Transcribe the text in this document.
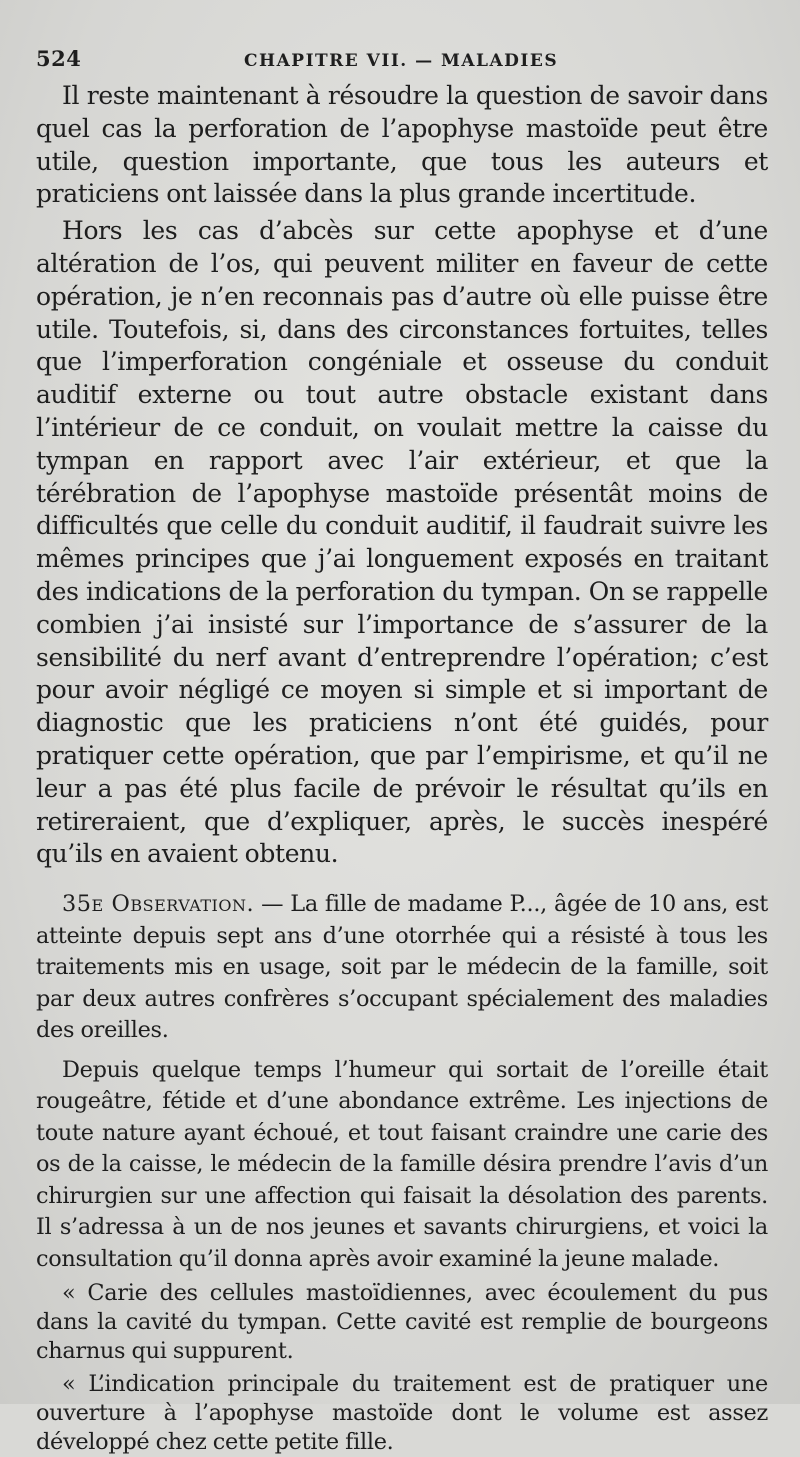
524	CHAPITRE VII. — MALADIES

Il reste maintenant à résoudre la question de savoir dans quel cas la perforation de l’apophyse mastoïde peut être utile, question importante, que tous les auteurs et praticiens ont laissée dans la plus grande incertitude.

Hors les cas d’abcès sur cette apophyse et d’une altération de l’os, qui peuvent militer en faveur de cette opération, je n’en reconnais pas d’autre où elle puisse être utile. Toutefois, si, dans des circonstances fortuites, telles que l’imperforation congéniale et osseuse du conduit auditif externe ou tout autre obstacle existant dans l’intérieur de ce conduit, on voulait mettre la caisse du tympan en rapport avec l’air extérieur, et que la térébration de l’apophyse mastoïde présentât moins de difficultés que celle du conduit auditif, il faudrait suivre les mêmes principes que j’ai longuement exposés en traitant des indications de la perforation du tympan. On se rappelle combien j’ai insisté sur l’importance de s’assurer de la sensibilité du nerf avant d’entreprendre l’opération; c’est pour avoir négligé ce moyen si simple et si important de diagnostic que les praticiens n’ont été guidés, pour pratiquer cette opération, que par l’empirisme, et qu’il ne leur a pas été plus facile de prévoir le résultat qu’ils en retireraient, que d’expliquer, après, le succès inespéré qu’ils en avaient obtenu.

35e Observation. — La fille de madame P..., âgée de 10 ans, est atteinte depuis sept ans d’une otorrhée qui a résisté à tous les traitements mis en usage, soit par le médecin de la famille, soit par deux autres confrères s’occupant spécialement des maladies des oreilles.

Depuis quelque temps l’humeur qui sortait de l’oreille était rougeâtre, fétide et d’une abondance extrême. Les injections de toute nature ayant échoué, et tout faisant craindre une carie des os de la caisse, le médecin de la famille désira prendre l’avis d’un chirurgien sur une affection qui faisait la désolation des parents. Il s’adressa à un de nos jeunes et savants chirurgiens, et voici la consultation qu’il donna après avoir examiné la jeune malade.

« Carie des cellules mastoïdiennes, avec écoulement du pus dans la cavité du tympan. Cette cavité est remplie de bourgeons charnus qui suppurent.

« L’indication principale du traitement est de pratiquer une ouverture à l’apophyse mastoïde dont le volume est assez développé chez cette petite fille.
